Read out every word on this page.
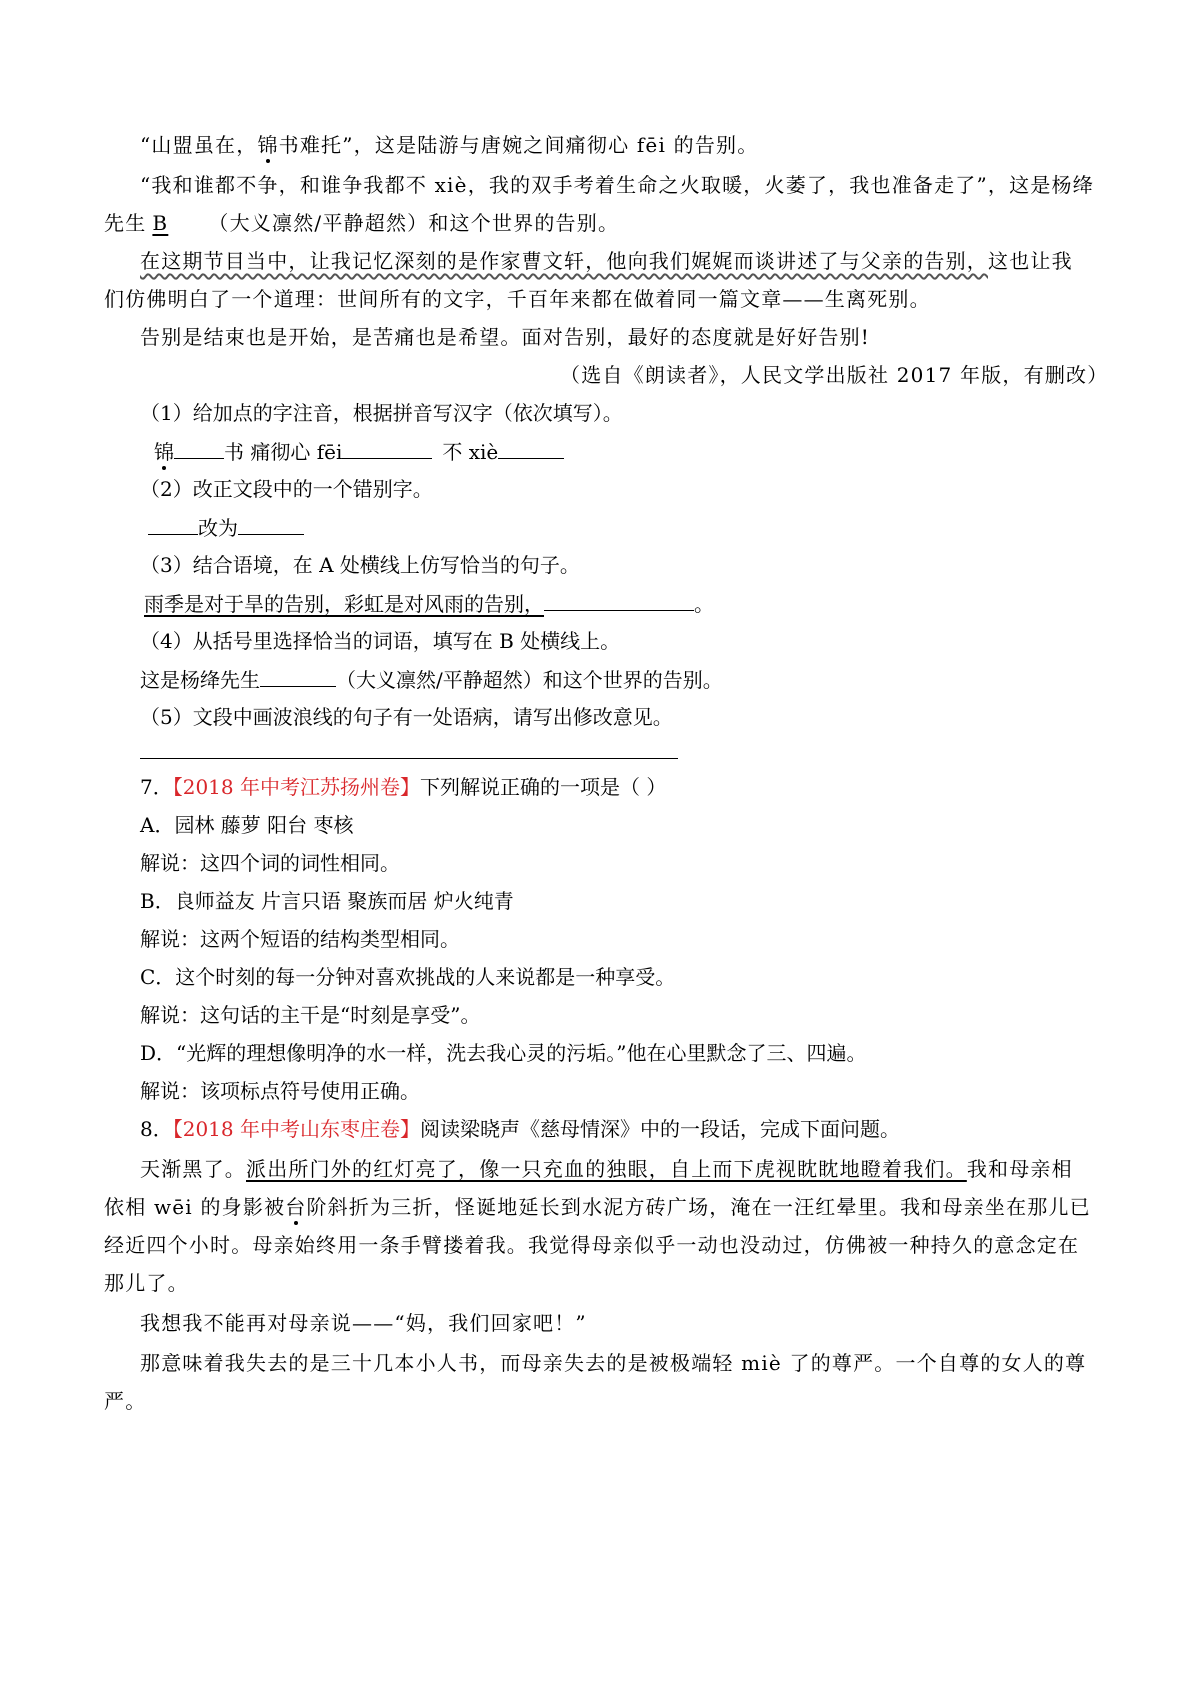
“山盟虽在，锦书难托”，这是陆游与唐婉之间痛彻心 fēi 的告别。
“我和谁都不争，和谁争我都不 xiè，我的双手考着生命之火取暖，火萎了，我也准备走了”，这是杨绛
先生 B （大义凛然/平静超然）和这个世界的告别。
在这期节目当中，让我记忆深刻的是作家曹文轩，他向我们娓娓而谈讲述了与父亲的告别，这也让我
们仿佛明白了一个道理：世间所有的文字，千百年来都在做着同一篇文章——生离死别。
告别是结束也是开始，是苦痛也是希望。面对告别，最好的态度就是好好告别!
（选自《朗读者》，人民文学出版社 2017 年版，有删改）
（1）给加点的字注音，根据拼音写汉字（依次填写）。
锦	书 痛彻心 fēi	不 xiè
（2）改正文段中的一个错别字。
改为
（3）结合语境，在 A 处横线上仿写恰当的句子。
雨季是对于旱的告别，彩虹是对风雨的告别，	。
（4）从括号里选择恰当的词语，填写在 B 处横线上。
这是杨绛先生	（大义凛然/平静超然）和这个世界的告别。
（5）文段中画波浪线的句子有一处语病，请写出修改意见。
7．【2018 年中考江苏扬州卷】下列解说正确的一项是（ ）
A．园林 藤萝 阳台 枣核
解说：这四个词的词性相同。
B．良师益友 片言只语 聚族而居 炉火纯青
解说：这两个短语的结构类型相同。
C．这个时刻的每一分钟对喜欢挑战的人来说都是一种享受。
解说：这句话的主干是“时刻是享受”。
D．“光辉的理想像明净的水一样，洗去我心灵的污垢。”他在心里默念了三、四遍。
解说：该项标点符号使用正确。
8．【2018 年中考山东枣庄卷】阅读梁晓声《慈母情深》中的一段话，完成下面问题。
天渐黑了。派出所门外的红灯亮了，像一只充血的独眼，自上而下虎视眈眈地瞪着我们。我和母亲相
依相 wēi 的身影被台阶斜折为三折，怪诞地延长到水泥方砖广场，淹在一汪红晕里。我和母亲坐在那儿已
经近四个小时。母亲始终用一条手臂搂着我。我觉得母亲似乎一动也没动过，仿佛被一种持久的意念定在
那儿了。
我想我不能再对母亲说——“妈，我们回家吧！”
那意味着我失去的是三十几本小人书，而母亲失去的是被极端轻 miè 了的尊严。一个自尊的女人的尊
严。
